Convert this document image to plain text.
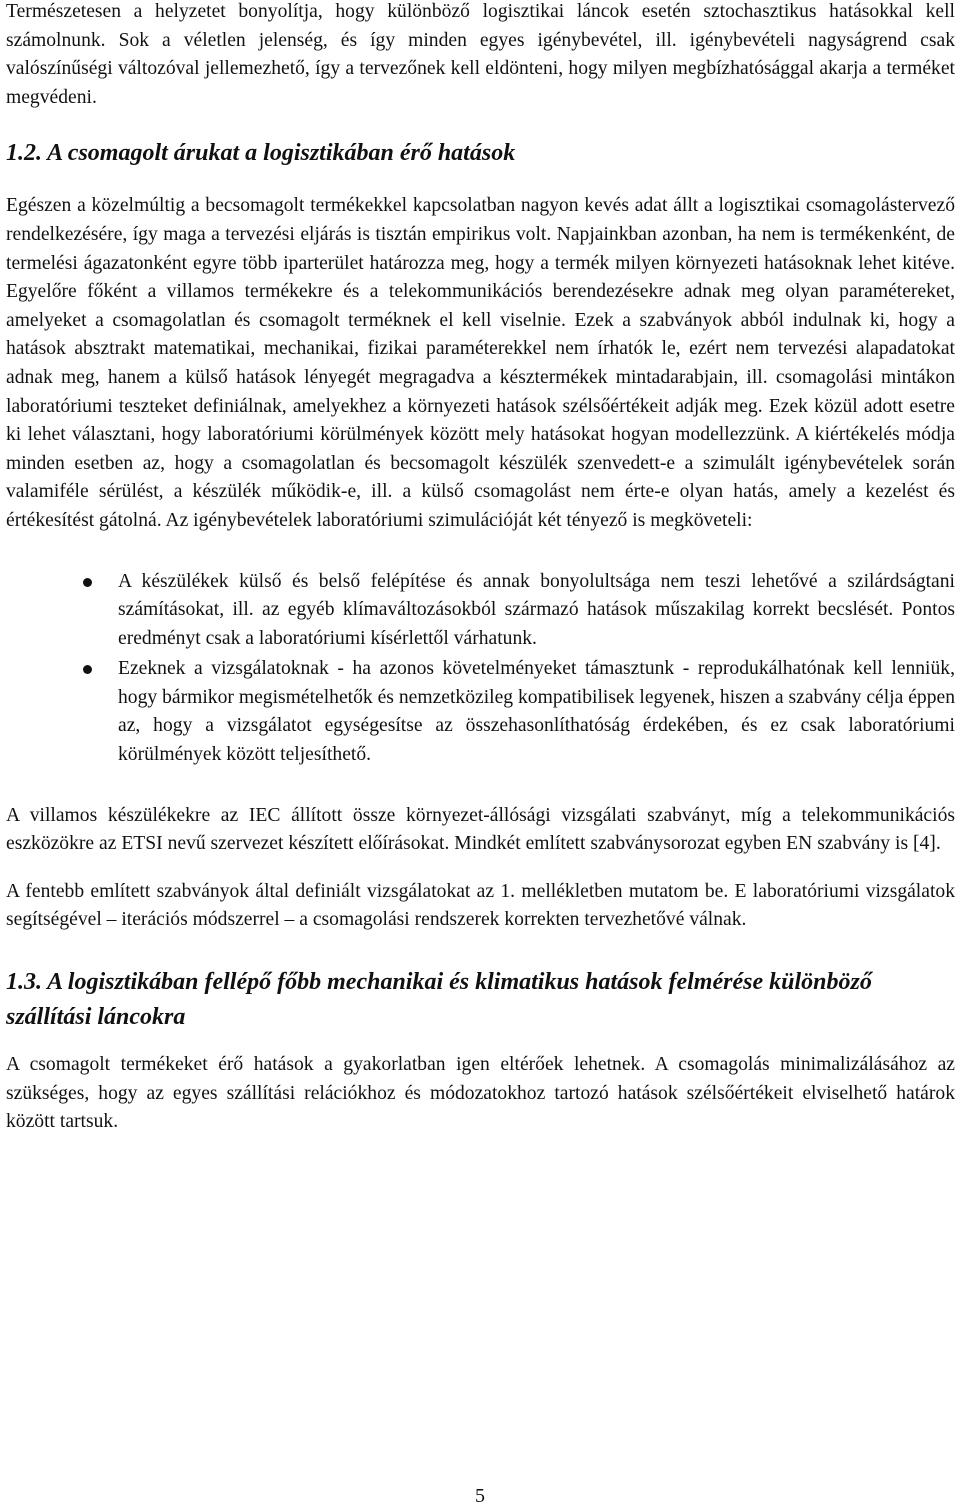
Természetesen a helyzetet bonyolítja, hogy különböző logisztikai láncok esetén sztochasztikus hatásokkal kell számolnunk. Sok a véletlen jelenség, és így minden egyes igénybevétel, ill. igénybevételi nagyságrend csak valószínűségi változóval jellemezhető, így a tervezőnek kell eldönteni, hogy milyen megbízhatósággal akarja a terméket megvédeni.

1.2. A csomagolt árukat a logisztikában érő hatások

Egészen a közelmúltig a becsomagolt termékekkel kapcsolatban nagyon kevés adat állt a logisztikai csomagolástervező rendelkezésére, így maga a tervezési eljárás is tisztán empirikus volt. Napjainkban azonban, ha nem is termékenként, de termelési ágazatonként egyre több iparterület határozza meg, hogy a termék milyen környezeti hatásoknak lehet kitéve. Egyelőre főként a villamos termékekre és a telekommunikációs berendezésekre adnak meg olyan paramétereket, amelyeket a csomagolatlan és csomagolt terméknek el kell viselnie. Ezek a szabványok abból indulnak ki, hogy a hatások absztrakt matematikai, mechanikai, fizikai paraméterekkel nem írhatók le, ezért nem tervezési alapadatokat adnak meg, hanem a külső hatások lényegét megragadva a késztermékek mintadarabjain, ill. csomagolási mintákon laboratóriumi teszteket definiálnak, amelyekhez a környezeti hatások szélsőértékeit adják meg. Ezek közül adott esetre ki lehet választani, hogy laboratóriumi körülmények között mely hatásokat hogyan modellezzünk. A kiértékelés módja minden esetben az, hogy a csomagolatlan és becsomagolt készülék szenvedett-e a szimulált igénybevételek során valamiféle sérülést, a készülék működik-e, ill. a külső csomagolást nem érte-e olyan hatás, amely a kezelést és értékesítést gátolná. Az igénybevételek laboratóriumi szimulációját két tényező is megköveteli:

A készülékek külső és belső felépítése és annak bonyolultsága nem teszi lehetővé a szilárdságtani számításokat, ill. az egyéb klímaváltozásokból származó hatások műszakilag korrekt becslését. Pontos eredményt csak a laboratóriumi kísérlettől várhatunk.

Ezeknek a vizsgálatoknak - ha azonos követelményeket támasztunk - reprodukálhatónak kell lenniük, hogy bármikor megismételhetők és nemzetközileg kompatibilisek legyenek, hiszen a szabvány célja éppen az, hogy a vizsgálatot egységesítse az összehasonlíthatóság érdekében, és ez csak laboratóriumi körülmények között teljesíthető.

A villamos készülékekre az IEC állított össze környezet-állósági vizsgálati szabványt, míg a telekommunikációs eszközökre az ETSI nevű szervezet készített előírásokat. Mindkét említett szabványsorozat egyben EN szabvány is [4].

A fentebb említett szabványok által definiált vizsgálatokat az 1. mellékletben mutatom be. E laboratóriumi vizsgálatok segítségével – iterációs módszerrel – a csomagolási rendszerek korrekten tervezhetővé válnak.

1.3. A logisztikában fellépő főbb mechanikai és klimatikus hatások felmérése különböző szállítási láncokra

A csomagolt termékeket érő hatások a gyakorlatban igen eltérőek lehetnek. A csomagolás minimalizálásához az szükséges, hogy az egyes szállítási relációkhoz és módozatokhoz tartozó hatások szélsőértékeit elviselhető határok között tartsuk.

5
